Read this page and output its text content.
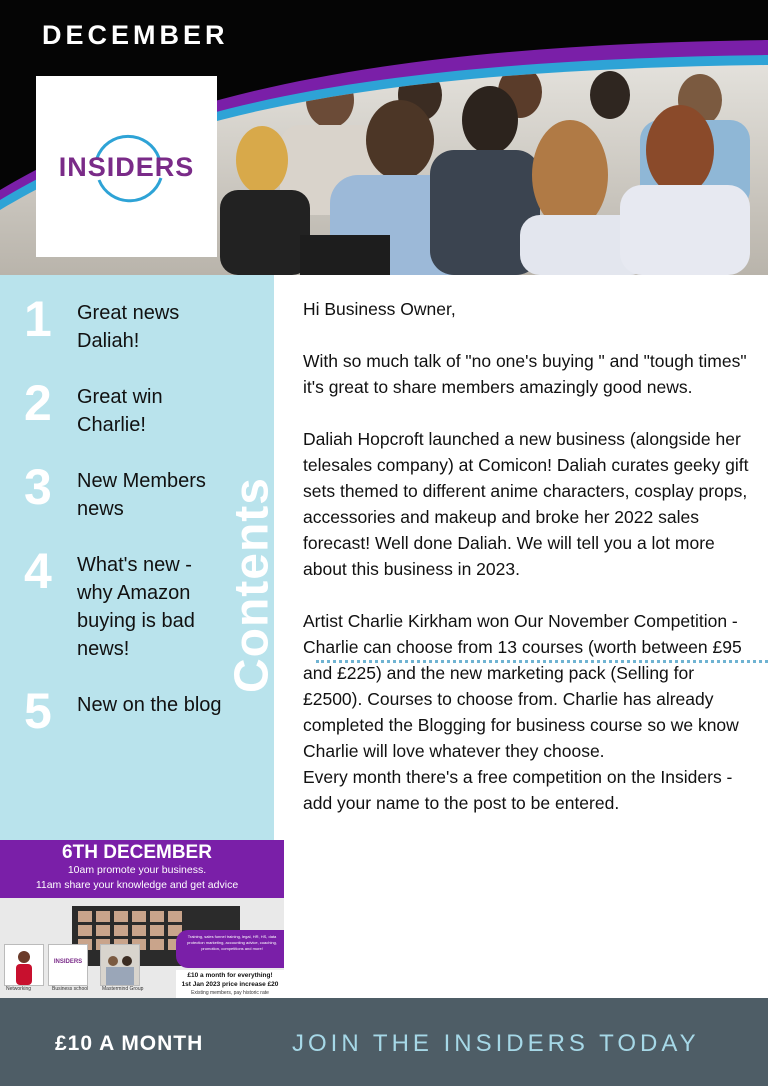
DECEMBER
INSIDERS
1 Great news Daliah!
2 Great win Charlie!
3 New Members news
4 What's new - why Amazon buying is bad news!
5 New on the blog
Contents

Hi Business Owner,

With so much talk of "no one's buying " and "tough times" it's great to share members amazingly good news.

Daliah Hopcroft launched a new business (alongside her telesales company) at Comicon! Daliah curates geeky gift sets themed to different anime characters, cosplay props, accessories and makeup and broke her 2022 sales forecast! Well done Daliah. We will tell you a lot more about this business in 2023.

Artist Charlie Kirkham won Our November Competition - Charlie can choose from 13 courses (worth between £95 and £225) and the new marketing pack (Selling for £2500). Courses to choose from. Charlie has already completed the Blogging for business course so we know Charlie will love whatever they choose.

Every month there's a free competition on the Insiders - add your name to the post to be entered.

6TH DECEMBER
10am promote your business.
11am share your knowledge and get advice
Training, sales funnel training, legal, HR, HS, data protection marketing, accounting advice, coaching, promotion, competitions and more!
Networking
INSIDERS
Business school	Mastermind Group
£10 a month for everything!
1st Jan 2023 price increase £20
Existing members, pay historic rate
£10 A MONTH	JOIN THE INSIDERS TODAY
